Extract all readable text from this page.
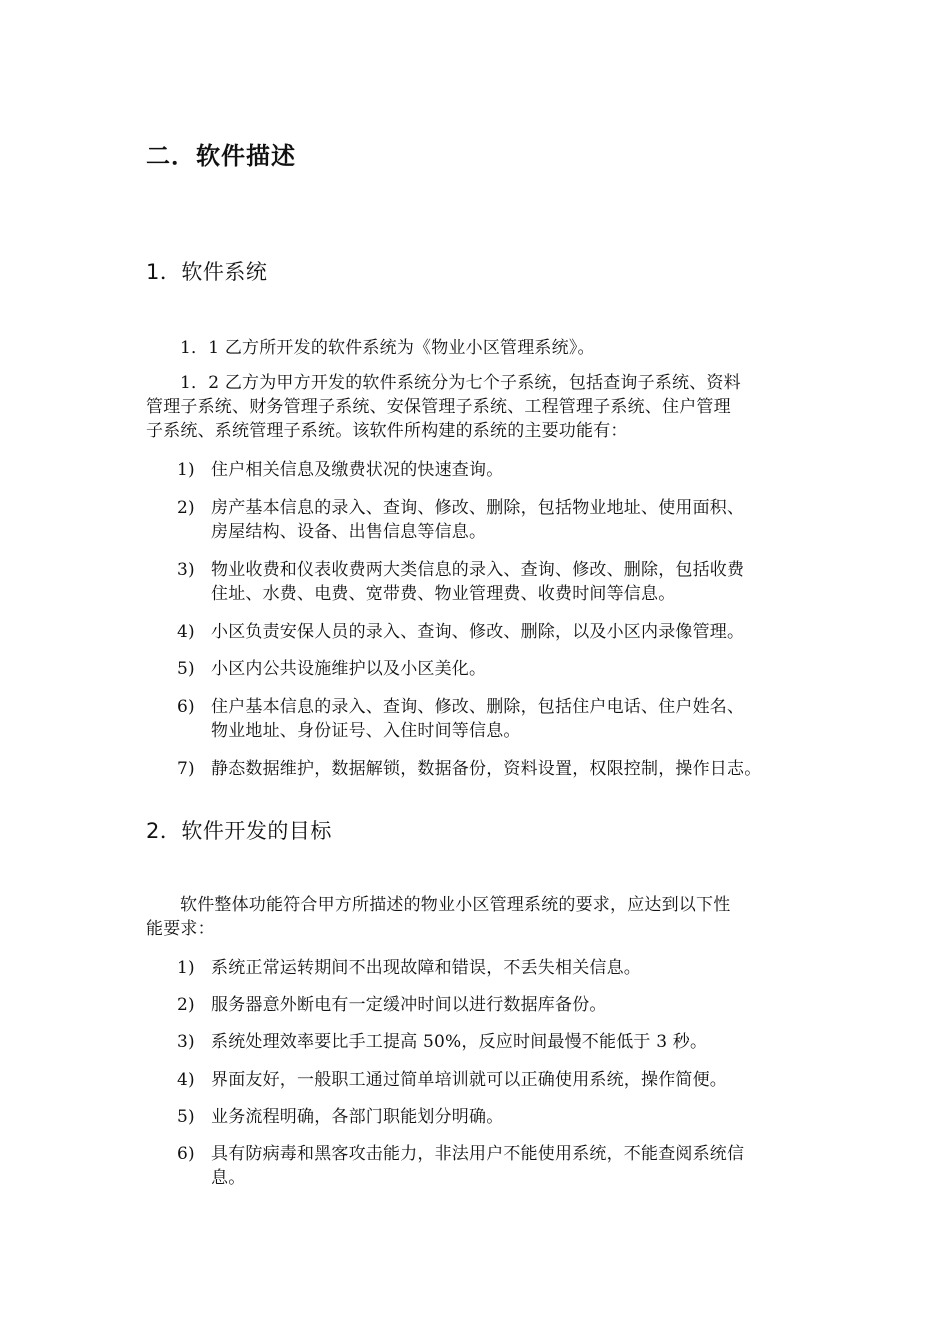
二．软件描述
1．软件系统
1．1 乙方所开发的软件系统为《物业小区管理系统》。
1．2 乙方为甲方开发的软件系统分为七个子系统，包括查询子系统、资料
管理子系统、财务管理子系统、安保管理子系统、工程管理子系统、住户管理
子系统、系统管理子系统。该软件所构建的系统的主要功能有：
1) 住户相关信息及缴费状况的快速查询。
2) 房产基本信息的录入、查询、修改、删除，包括物业地址、使用面积、
房屋结构、设备、出售信息等信息。
3) 物业收费和仪表收费两大类信息的录入、查询、修改、删除，包括收费
住址、水费、电费、宽带费、物业管理费、收费时间等信息。
4) 小区负责安保人员的录入、查询、修改、删除，以及小区内录像管理。
5) 小区内公共设施维护以及小区美化。
6) 住户基本信息的录入、查询、修改、删除，包括住户电话、住户姓名、
物业地址、身份证号、入住时间等信息。
7) 静态数据维护，数据解锁，数据备份，资料设置，权限控制，操作日志。
2．软件开发的目标
软件整体功能符合甲方所描述的物业小区管理系统的要求，应达到以下性
能要求：
1) 系统正常运转期间不出现故障和错误，不丢失相关信息。
2) 服务器意外断电有一定缓冲时间以进行数据库备份。
3) 系统处理效率要比手工提高 50%，反应时间最慢不能低于 3 秒。
4) 界面友好，一般职工通过简单培训就可以正确使用系统，操作简便。
5) 业务流程明确，各部门职能划分明确。
6) 具有防病毒和黑客攻击能力，非法用户不能使用系统，不能查阅系统信
息。
